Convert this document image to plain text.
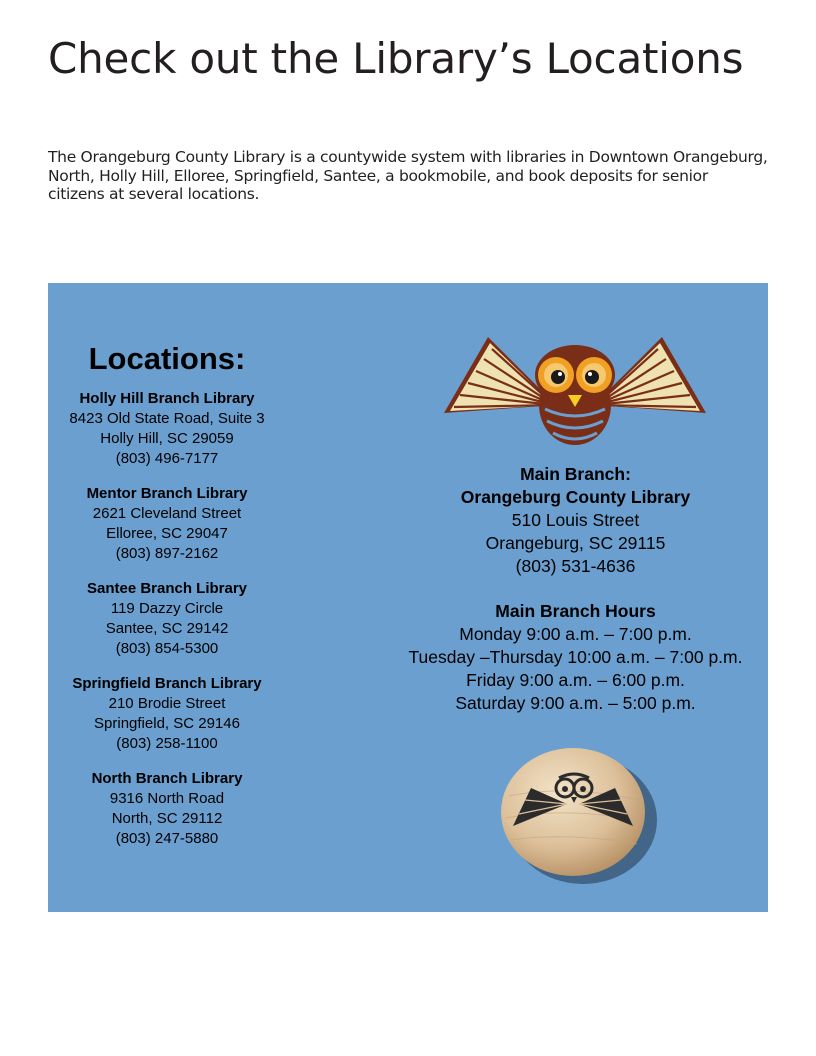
Check out the Library’s Locations

The Orangeburg County Library is a countywide system with libraries in Downtown Orangeburg, North, Holly Hill, Elloree, Springfield, Santee, a bookmobile, and book deposits for senior citizens at several locations.

Locations:
Holly Hill Branch Library
8423 Old State Road, Suite 3
Holly Hill, SC 29059
(803) 496-7177
Mentor Branch Library
2621 Cleveland Street
Elloree, SC 29047
(803) 897-2162
Santee Branch Library
119 Dazzy Circle
Santee, SC 29142
(803) 854-5300
Springfield Branch Library
210 Brodie Street
Springfield, SC 29146
(803) 258-1100
North Branch Library
9316 North Road
North, SC 29112
(803) 247-5880
Main Branch:
Orangeburg County Library
510 Louis Street
Orangeburg, SC 29115
(803) 531-4636
Main Branch Hours
Monday 9:00 a.m. – 7:00 p.m.
Tuesday –Thursday 10:00 a.m. – 7:00 p.m.
Friday 9:00 a.m. – 6:00 p.m.
Saturday 9:00 a.m. – 5:00 p.m.
